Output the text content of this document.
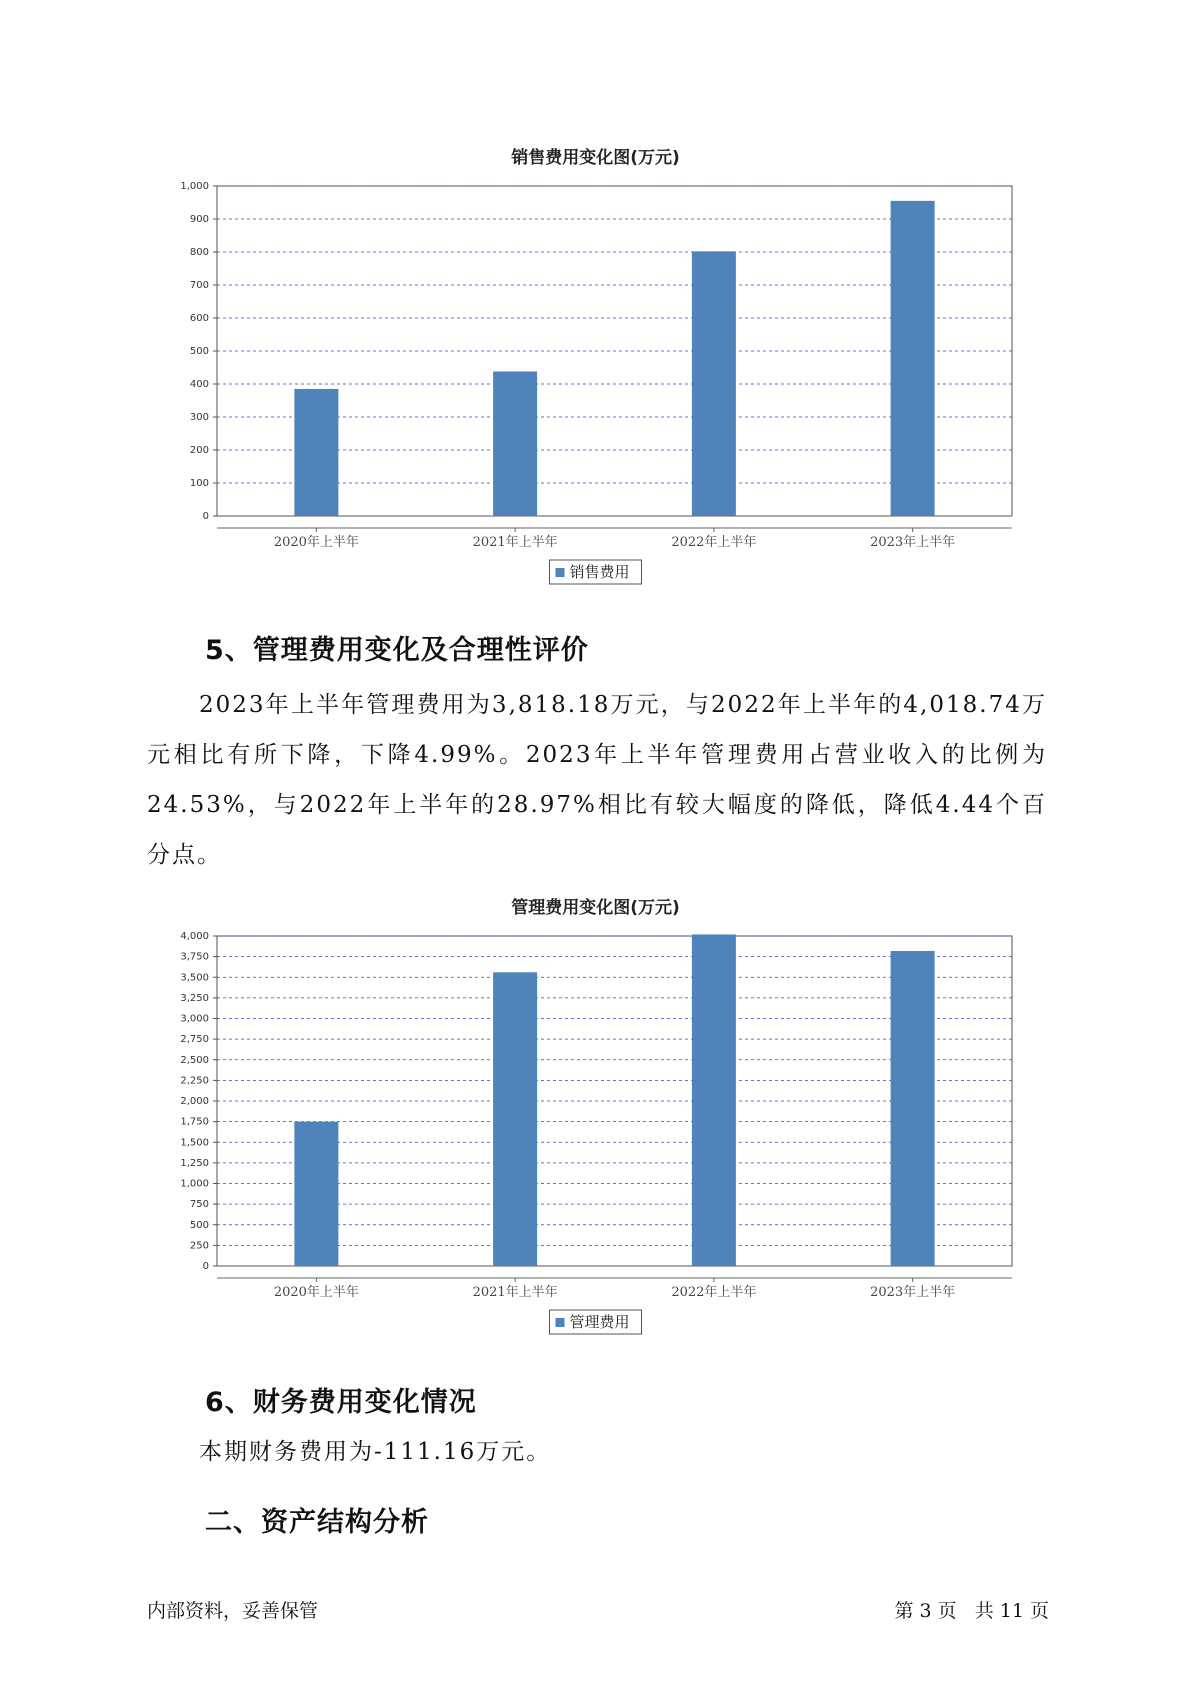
销售费用变化图(万元)
0
100
200
300
400
500
600
700
800
900
1,000
2020年上半年	2021年上半年	2022年上半年	2023年上半年
销售费用
5、管理费用变化及合理性评价

2023年上半年管理费用为3,818.18万元，与2022年上半年的4,018.74万元相比有所下降，下降4.99%。2023年上半年管理费用占营业收入的比例为24.53%，与2022年上半年的28.97%相比有较大幅度的降低，降低4.44个百分点。

管理费用变化图(万元)
0
250
500
750
1,000
1,250
1,500
1,750
2,000
2,250
2,500
2,750
3,000
3,250
3,500
3,750
4,000
2020年上半年	2021年上半年	2022年上半年	2023年上半年
管理费用
6、财务费用变化情况

本期财务费用为-111.16万元。

二、资产结构分析
内部资料，妥善保管	第 3 页   共 11 页
